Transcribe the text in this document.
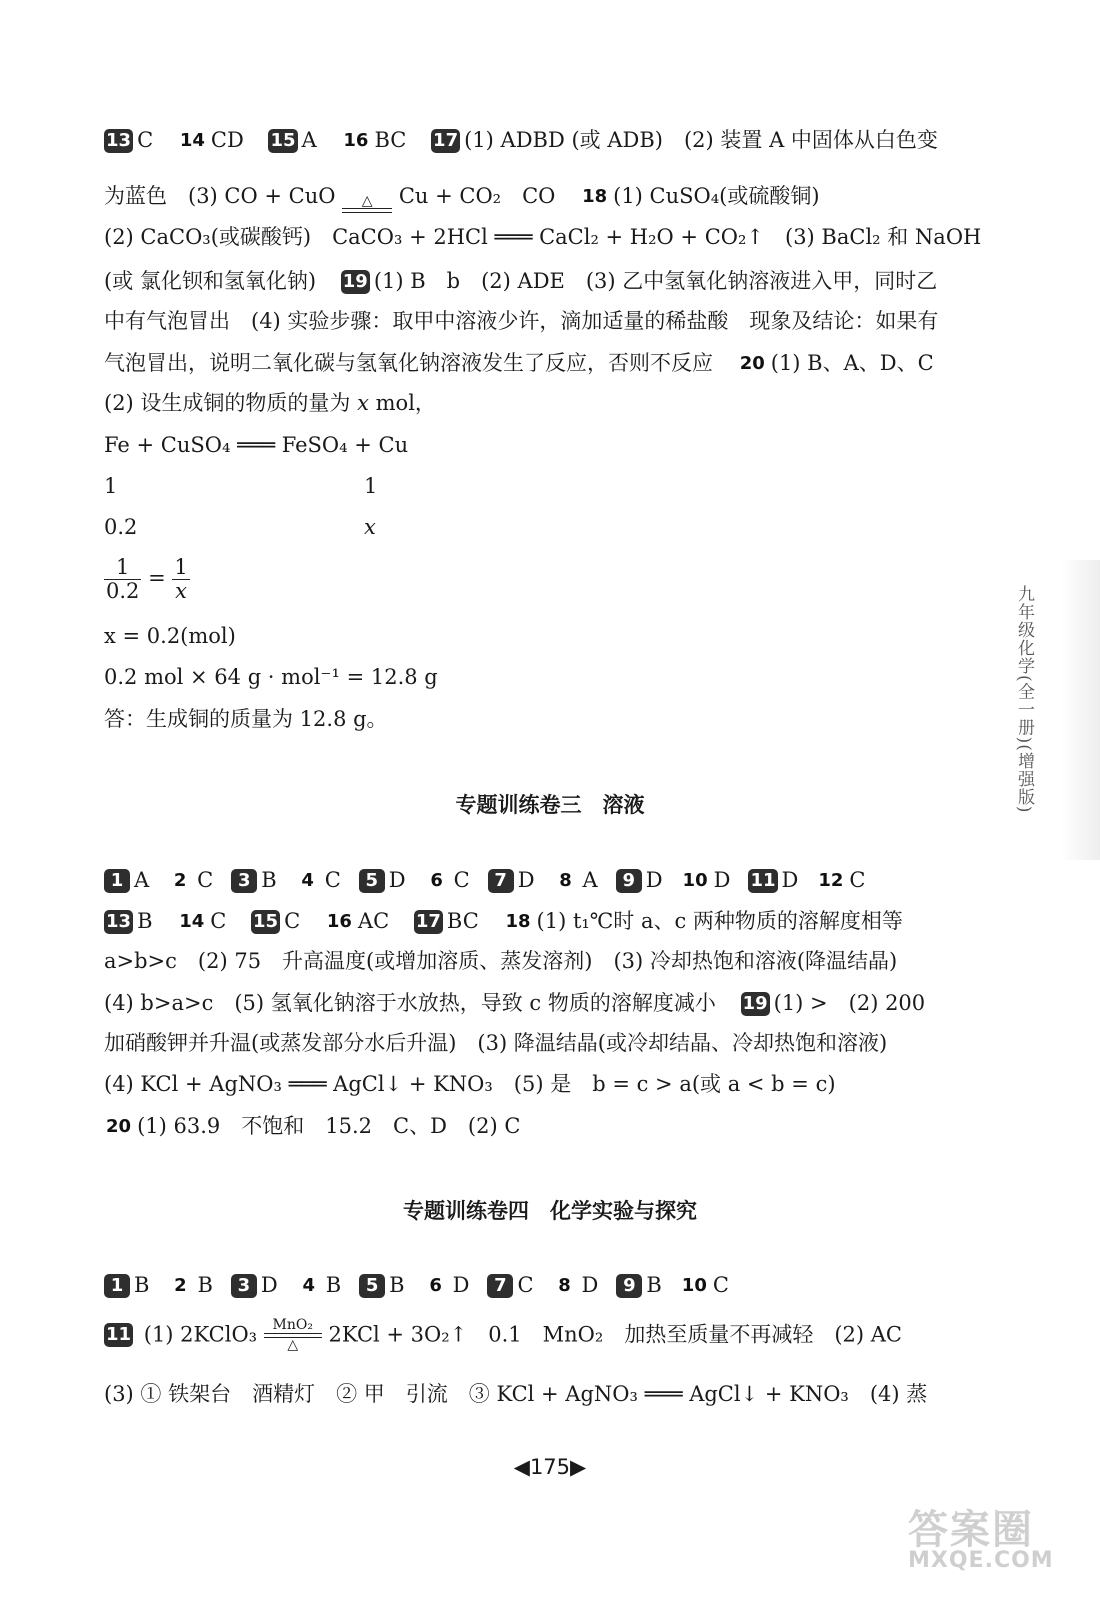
13 C 14 CD 15 A 16 BC 17 (1) ADBD (或 ADB)　(2) 装置 A 中固体从白色变
为蓝色　(3) CO + CuO	△	Cu + CO₂　CO 18 (1) CuSO₄(或硫酸铜)
(2) CaCO₃(或碳酸钙)　CaCO₃ + 2HCl ═══ CaCl₂ + H₂O + CO₂↑　(3) BaCl₂ 和 NaOH
(或 氯化钡和氢氧化钠) 19 (1) B　b　(2) ADE　(3) 乙中氢氧化钠溶液进入甲，同时乙
中有气泡冒出　(4) 实验步骤：取甲中溶液少许，滴加适量的稀盐酸　现象及结论：如果有
气泡冒出，说明二氧化碳与氢氧化钠溶液发生了反应，否则不反应 20 (1) B、A、D、C
(2) 设生成铜的物质的量为 x mol，
Fe + CuSO₄ ═══ FeSO₄ + Cu
1	1
0.2	x
$\frac{1}{0.2} = \frac{1}{x}$
x = 0.2(mol)
0.2 mol × 64 g · mol⁻¹ = 12.8 g
答：生成铜的质量为 12.8 g。
专题训练卷三　溶液
1 A 2 C 3 B 4 C 5 D 6 C 7 D 8 A 9 D 10 D 11 D 12 C
13 B 14 C 15 C 16 AC 17 BC 18 (1) t₁℃时 a、c 两种物质的溶解度相等
a>b>c　(2) 75　升高温度(或增加溶质、蒸发溶剂)　(3) 冷却热饱和溶液(降温结晶)
(4) b>a>c　(5) 氢氧化钠溶于水放热，导致 c 物质的溶解度减小 19 (1) >　(2) 200
加硝酸钾并升温(或蒸发部分水后升温)　(3) 降温结晶(或冷却结晶、冷却热饱和溶液)
(4) KCl + AgNO₃ ═══ AgCl↓ + KNO₃　(5) 是　b = c > a(或 a < b = c)
20 (1) 63.9　不饱和　15.2　C、D　(2) C
专题训练卷四　化学实验与探究
1 B 2 B 3 D 4 B 5 B 6 D 7 C 8 D 9 B 10 C
11 (1) 2KClO₃	MnO₂
△	2KCl + 3O₂↑　0.1　MnO₂　加热至质量不再减轻　(2) AC
(3) ① 铁架台　酒精灯　② 甲　引流　③ KCl + AgNO₃ ═══ AgCl↓ + KNO₃　(4) 蒸
九年级化学(全一册)(增强版)
◀175▶
答案圈
MXQE.COM
